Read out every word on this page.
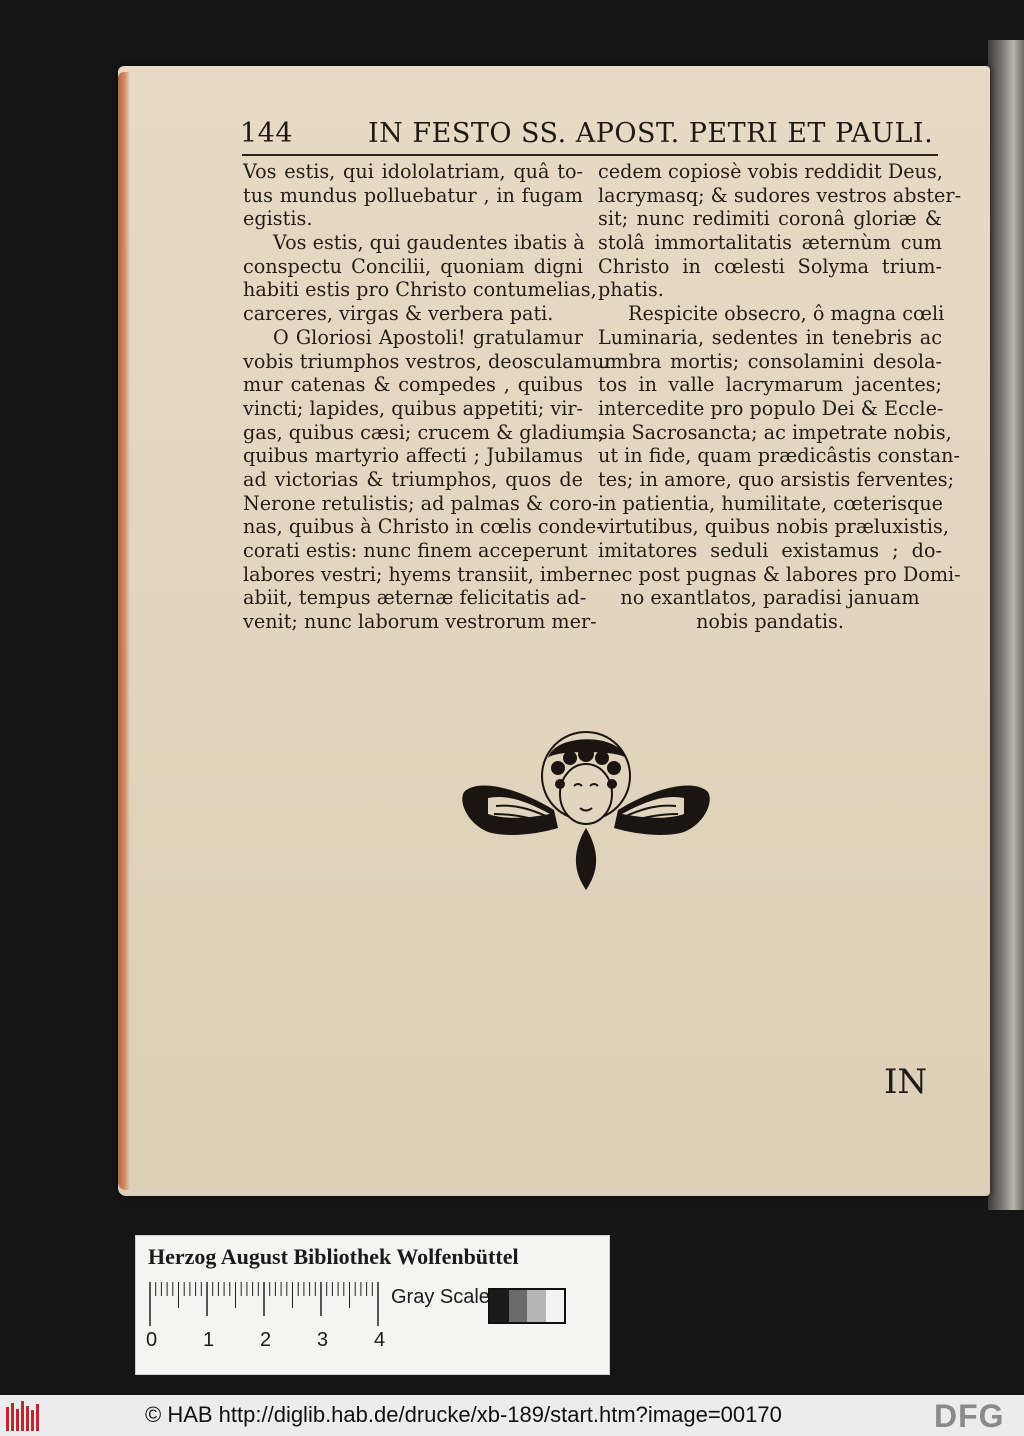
144	IN FESTO SS. APOST. PETRI ET PAULI.
Vos estis, qui idololatriam, quâ to-
tus mundus polluebatur , in fugam
egistis.
Vos estis, qui gaudentes ibatis à
conspectu Concilii, quoniam digni
habiti estis pro Christo contumelias,
carceres, virgas & verbera pati.
O Gloriosi Apostoli! gratulamur
vobis triumphos vestros, deosculamur
mur catenas & compedes , quibus
vincti; lapides, quibus appetiti; vir-
gas, quibus cæsi; crucem & gladium,
quibus martyrio affecti ; Jubilamus
ad victorias & triumphos, quos de
Nerone retulistis; ad palmas & coro-
nas, quibus à Christo in cœlis conde-
corati estis: nunc finem acceperunt
labores vestri; hyems transiit, imber
abiit, tempus æternæ felicitatis ad-
venit; nunc laborum vestrorum mer-
cedem copiosè vobis reddidit Deus,
lacrymasq; & sudores vestros abster-
sit; nunc redimiti coronâ gloriæ &
stolâ immortalitatis æternùm cum
Christo in cœlesti Solyma trium-
phatis.
Respicite obsecro, ô magna cœli
Luminaria, sedentes in tenebris ac
umbra mortis; consolamini desola-
tos in valle lacrymarum jacentes;
intercedite pro populo Dei & Eccle-
sia Sacrosancta; ac impetrate nobis,
ut in fide, quam prædicâstis constan-
tes; in amore, quo arsistis ferventes;
in patientia, humilitate, cœterisque
virtutibus, quibus nobis præluxistis,
imitatores seduli existamus ; do-
nec post pugnas & labores pro Domi-
no exantlatos, paradisi januam
nobis pandatis.
IN
Herzog August Bibliothek Wolfenbüttel
0 1 2 3 4
Gray Scale
© HAB http://diglib.hab.de/drucke/xb-189/start.htm?image=00170	DFG
